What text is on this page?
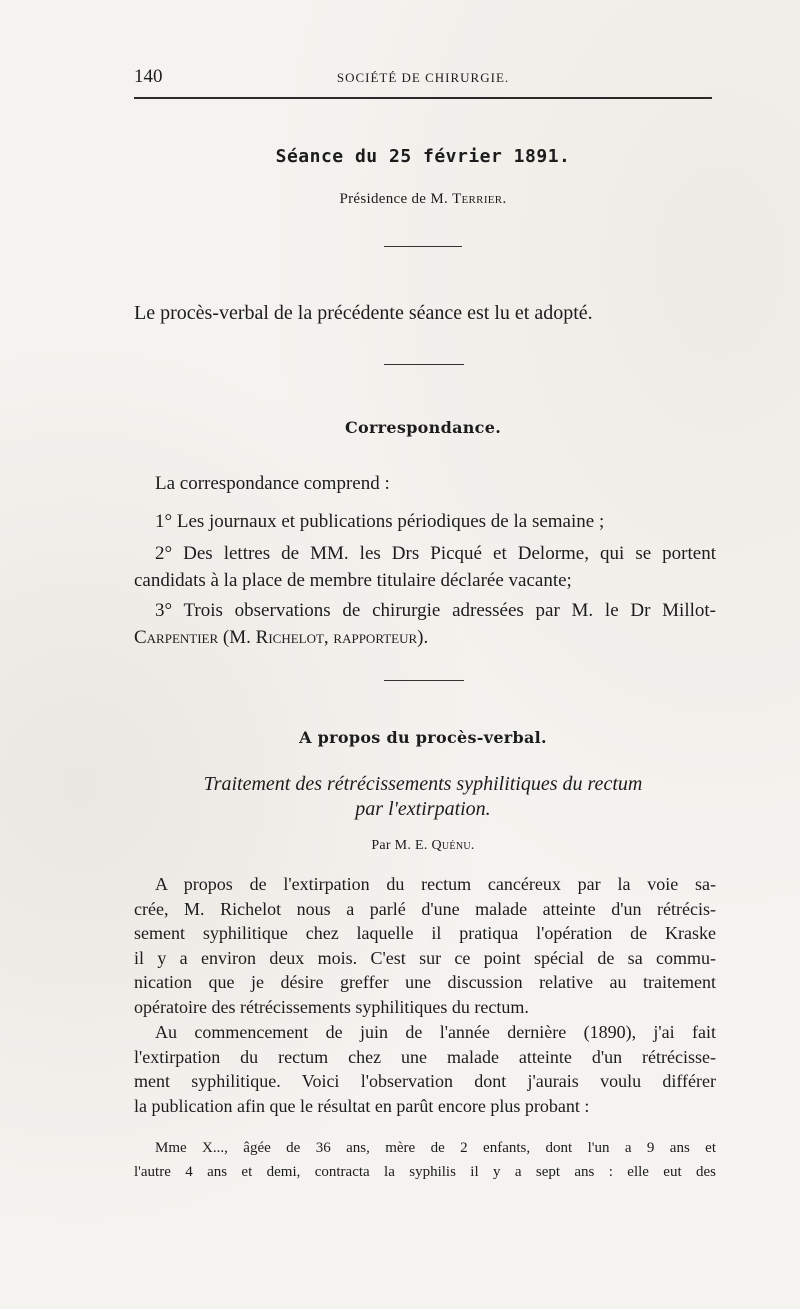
140	SOCIÉTÉ DE CHIRURGIE.
Séance du 25 février 1891.
Présidence de M. Terrier.
Le procès-verbal de la précédente séance est lu et adopté.
Correspondance.
La correspondance comprend :
1° Les journaux et publications périodiques de la semaine ;
2° Des lettres de MM. les Drs Picqué et Delorme, qui se portent
candidats à la place de membre titulaire déclarée vacante;
3° Trois observations de chirurgie adressées par M. le Dr Millot-
Carpentier (M. Richelot, rapporteur).
A propos du procès-verbal.
Traitement des rétrécissements syphilitiques du rectum
par l'extirpation.
Par M. E. Quénu.
A propos de l'extirpation du rectum cancéreux par la voie sa-
crée, M. Richelot nous a parlé d'une malade atteinte d'un rétrécis-
sement syphilitique chez laquelle il pratiqua l'opération de Kraske
il y a environ deux mois. C'est sur ce point spécial de sa commu-
nication que je désire greffer une discussion relative au traitement
opératoire des rétrécissements syphilitiques du rectum.
Au commencement de juin de l'année dernière (1890), j'ai fait
l'extirpation du rectum chez une malade atteinte d'un rétrécisse-
ment syphilitique. Voici l'observation dont j'aurais voulu différer
la publication afin que le résultat en parût encore plus probant :
Mme X..., âgée de 36 ans, mère de 2 enfants, dont l'un a 9 ans et
l'autre 4 ans et demi, contracta la syphilis il y a sept ans : elle eut des
